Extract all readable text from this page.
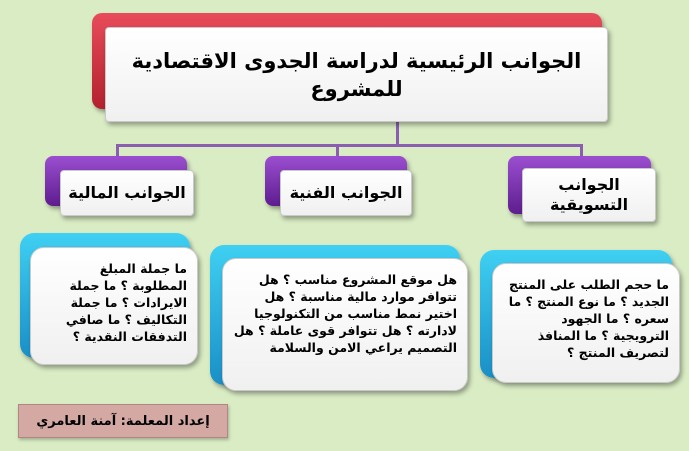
الجوانب الرئيسية لدراسة الجدوى الاقتصادية للمشروع
الجوانب المالية
ما جملة المبلغ المطلوبة ؟ ما جملة الايرادات ؟ ما جملة التكاليف ؟ ما صافي التدفقات النقدية ؟
الجوانب الفنية
هل موقع المشروع مناسب ؟ هل تتوافر موارد مالية مناسبة ؟ هل اختير نمط مناسب من التكنولوجيا لادارته ؟ هل تتوافر قوى عاملة ؟ هل التصميم يراعي الامن والسلامة
الجوانب التسويقية
ما حجم الطلب على المنتج الجديد ؟ ما نوع المنتج ؟ ما سعره ؟ ما الجهود الترويجية ؟ ما المنافذ لتصريف المنتج ؟
إعداد المعلمة: آمنة العامري
